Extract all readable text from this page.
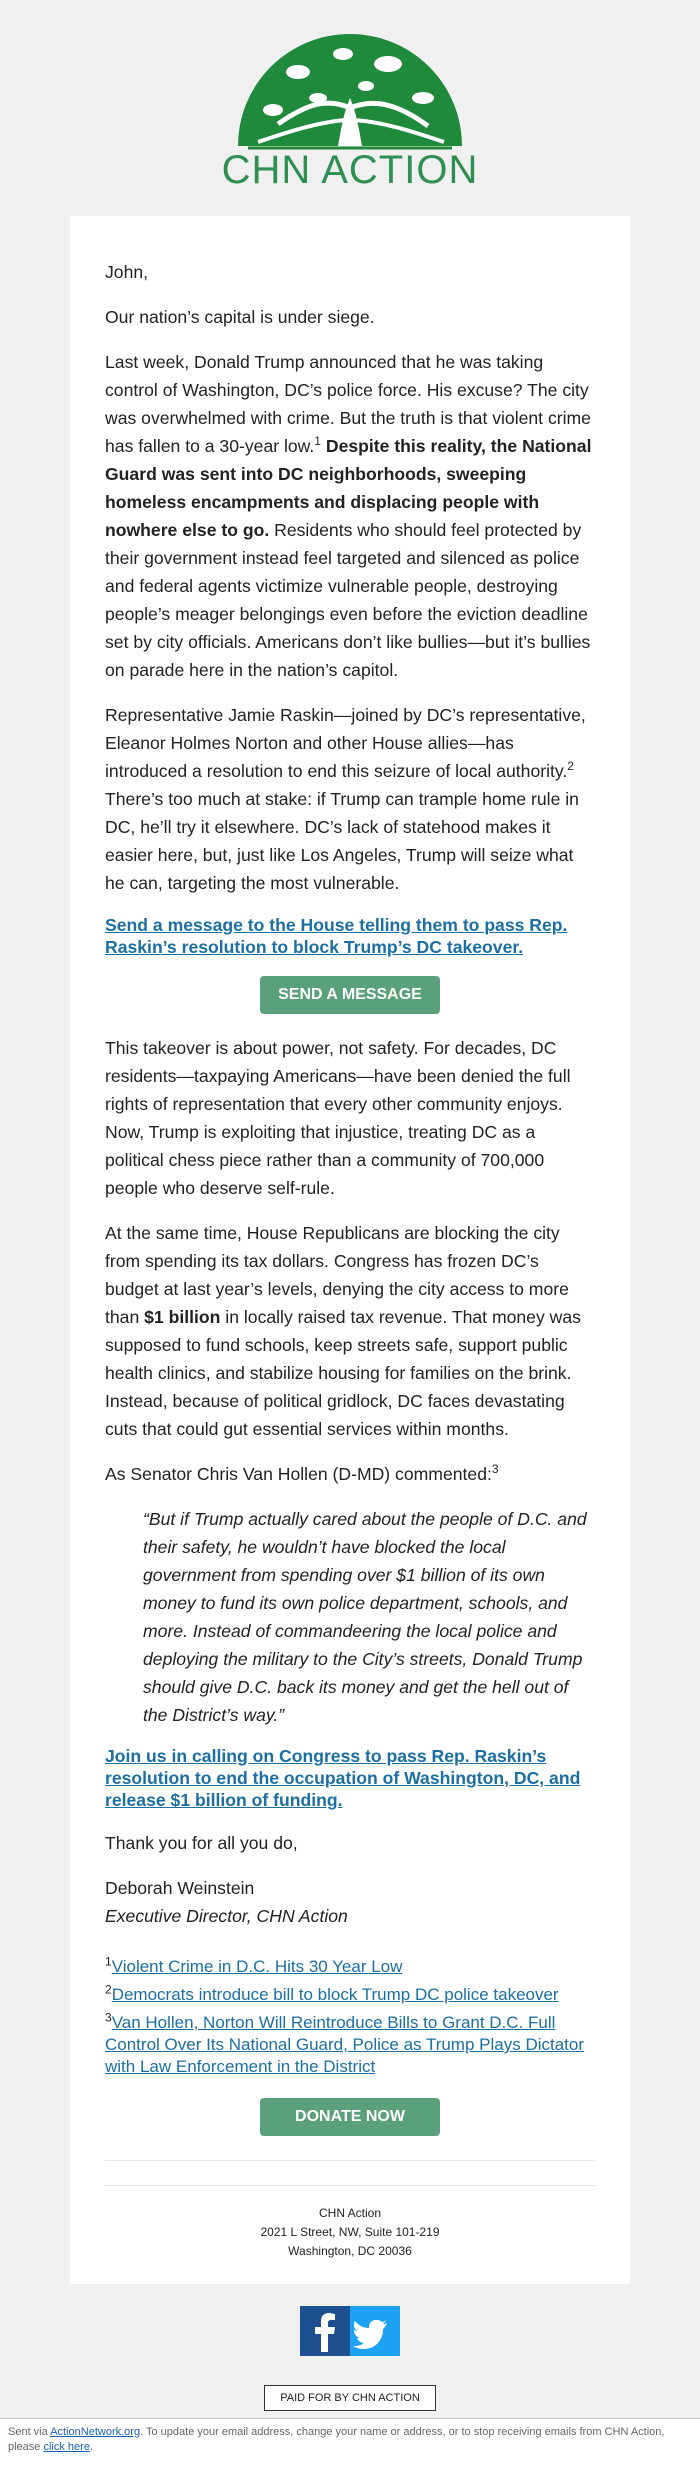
CHN ACTION

John,

Our nation’s capital is under siege.

Last week, Donald Trump announced that he was taking control of Washington, DC’s police force. His excuse? The city was overwhelmed with crime. But the truth is that violent crime has fallen to a 30-year low.$^1$ Despite this reality, the National Guard was sent into DC neighborhoods, sweeping homeless encampments and displacing people with nowhere else to go. Residents who should feel protected by their government instead feel targeted and silenced as police and federal agents victimize vulnerable people, destroying people’s meager belongings even before the eviction deadline set by city officials. Americans don’t like bullies—but it’s bullies on parade here in the nation’s capitol.

Representative Jamie Raskin—joined by DC’s representative, Eleanor Holmes Norton and other House allies—has introduced a resolution to end this seizure of local authority.$^2$ There’s too much at stake: if Trump can trample home rule in DC, he’ll try it elsewhere. DC’s lack of statehood makes it easier here, but, just like Los Angeles, Trump will seize what he can, targeting the most vulnerable.

Send a message to the House telling them to pass Rep. Raskin’s resolution to block Trump’s DC takeover.
SEND A MESSAGE

This takeover is about power, not safety. For decades, DC residents—taxpaying Americans—have been denied the full rights of representation that every other community enjoys. Now, Trump is exploiting that injustice, treating DC as a political chess piece rather than a community of 700,000 people who deserve self-rule.

At the same time, House Republicans are blocking the city from spending its tax dollars. Congress has frozen DC’s budget at last year’s levels, denying the city access to more than $1 billion in locally raised tax revenue. That money was supposed to fund schools, keep streets safe, support public health clinics, and stabilize housing for families on the brink. Instead, because of political gridlock, DC faces devastating cuts that could gut essential services within months.

As Senator Chris Van Hollen (D-MD) commented:$^3$

“But if Trump actually cared about the people of D.C. and their safety, he wouldn’t have blocked the local government from spending over $1 billion of its own money to fund its own police department, schools, and more. Instead of commandeering the local police and deploying the military to the City’s streets, Donald Trump should give D.C. back its money and get the hell out of the District’s way.”
Join us in calling on Congress to pass Rep. Raskin’s resolution to end the occupation of Washington, DC, and release $1 billion of funding.

Thank you for all you do,

Deborah Weinstein
Executive Director, CHN Action

$^1$Violent Crime in D.C. Hits 30 Year Low
$^2$Democrats introduce bill to block Trump DC police takeover
$^3$Van Hollen, Norton Will Reintroduce Bills to Grant D.C. Full Control Over Its National Guard, Police as Trump Plays Dictator with Law Enforcement in the District
DONATE NOW
CHN Action
2021 L Street, NW, Suite 101-219
Washington, DC 20036
PAID FOR BY CHN ACTION
Sent via ActionNetwork.org. To update your email address, change your name or address, or to stop receiving emails from CHN Action, please click here.
